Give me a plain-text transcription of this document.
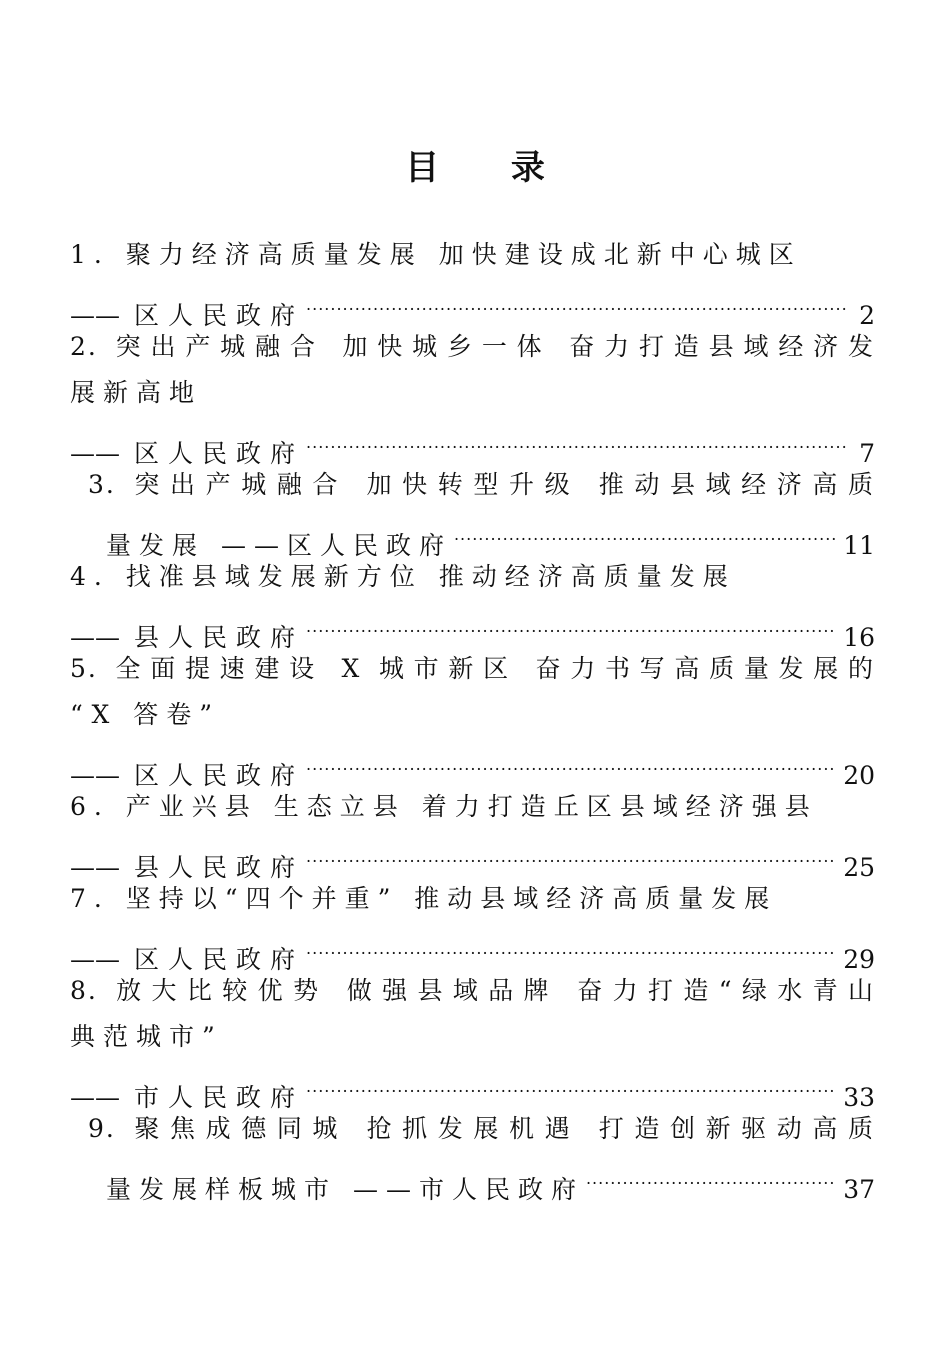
目 录
1. 聚力经济高质量发展 加快建设成北新中心城区
—— 区人民政府 .....	2
2. 突出产城融合 加快城乡一体 奋力打造县域经济发
展新高地
—— 区人民政府 .....	7
3. 突出产城融合 加快转型升级 推动县域经济高质
量发展 ——区人民政府 .....	11
4. 找准县域发展新方位 推动经济高质量发展
—— 县人民政府 .....	16
5. 全面提速建设 X 城市新区 奋力书写高质量发展的
“X 答卷”
—— 区人民政府 .....	20
6. 产业兴县 生态立县 着力打造丘区县域经济强县
—— 县人民政府 .....	25
7. 坚持以“四个并重” 推动县域经济高质量发展
—— 区人民政府 .....	29
8. 放大比较优势 做强县域品牌 奋力打造“绿水青山
典范城市”
—— 市人民政府 .....	33
9. 聚焦成德同城 抢抓发展机遇 打造创新驱动高质
量发展样板城市 ——市人民政府 .....	37
